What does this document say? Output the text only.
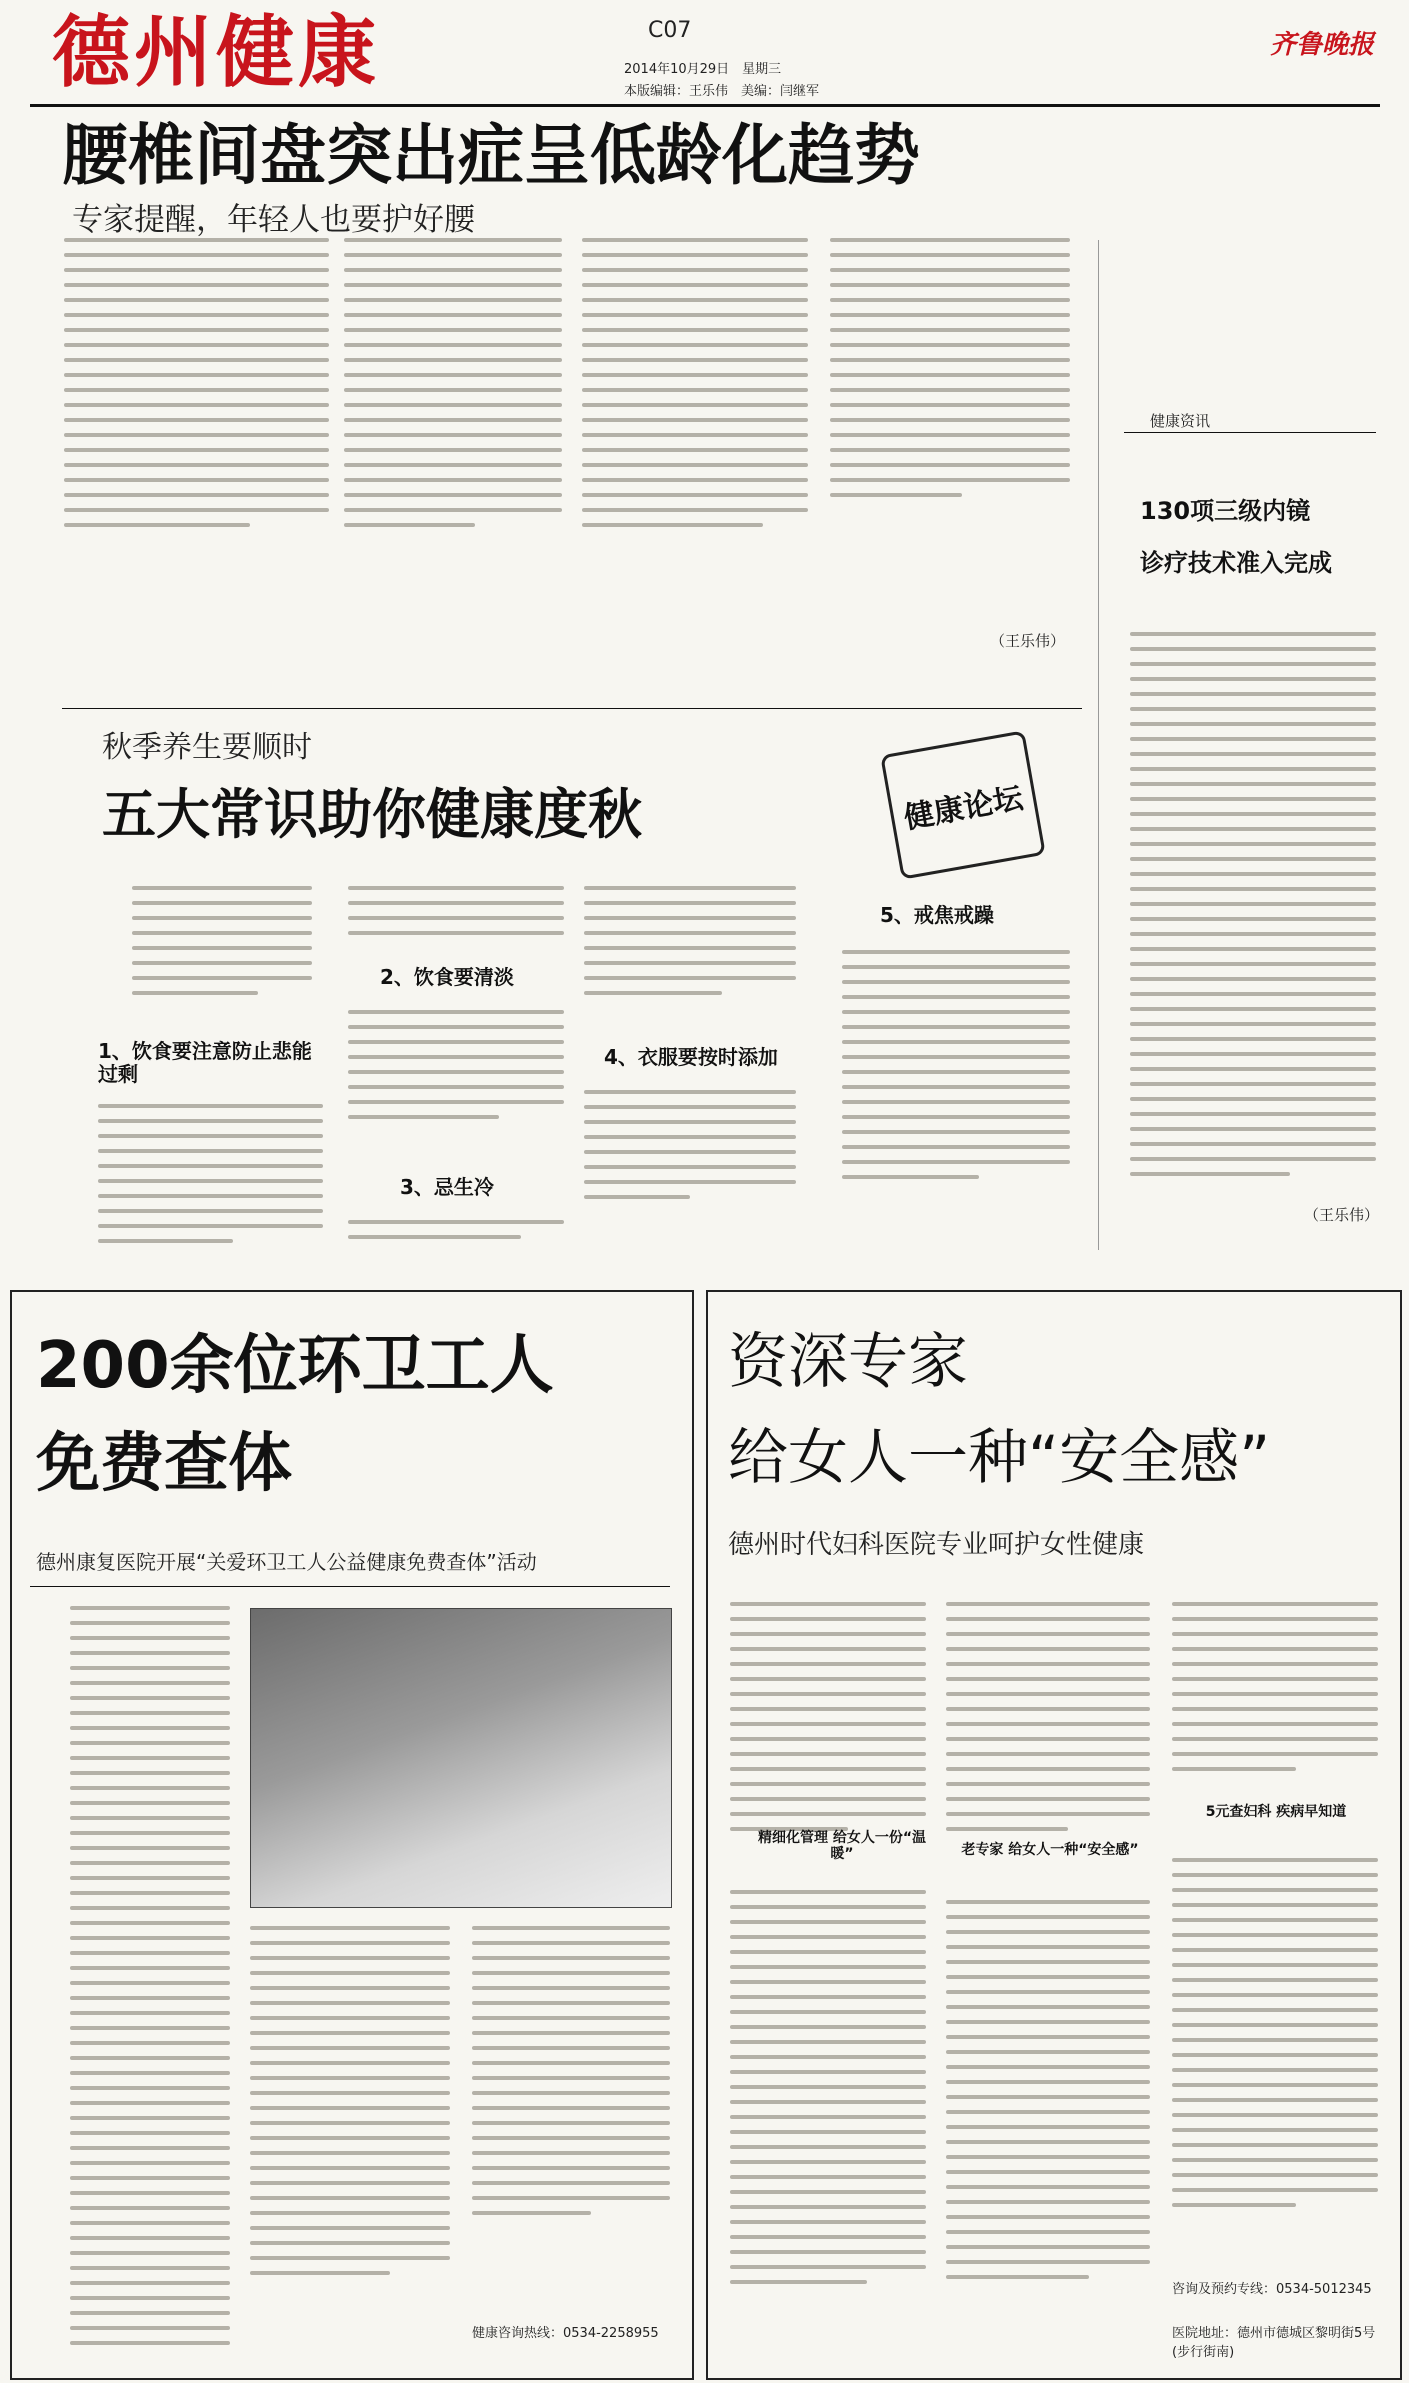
德州健康	C07
2014年10月29日　星期三
本版编辑：王乐伟　美编：闫继军
齐鲁晚报
腰椎间盘突出症呈低龄化趋势
专家提醒，年轻人也要护好腰
（王乐伟）
健康资讯
130项三级内镜
诊疗技术准入完成
（王乐伟）
秋季养生要顺时
五大常识助你健康度秋	健康论坛
1、饮食要注意防止悲能过剩
2、饮食要清淡
3、忌生冷
4、衣服要按时添加
5、戒焦戒躁
200余位环卫工人
免费查体
德州康复医院开展“关爱环卫工人公益健康免费查体”活动
健康咨询热线：0534-2258955
资深专家
给女人一种“安全感”
德州时代妇科医院专业呵护女性健康
精细化管理 给女人一份“温暖”	老专家 给女人一种“安全感”
5元查妇科 疾病早知道
咨询及预约专线：0534-5012345
医院地址：德州市德城区黎明街5号(步行街南)
